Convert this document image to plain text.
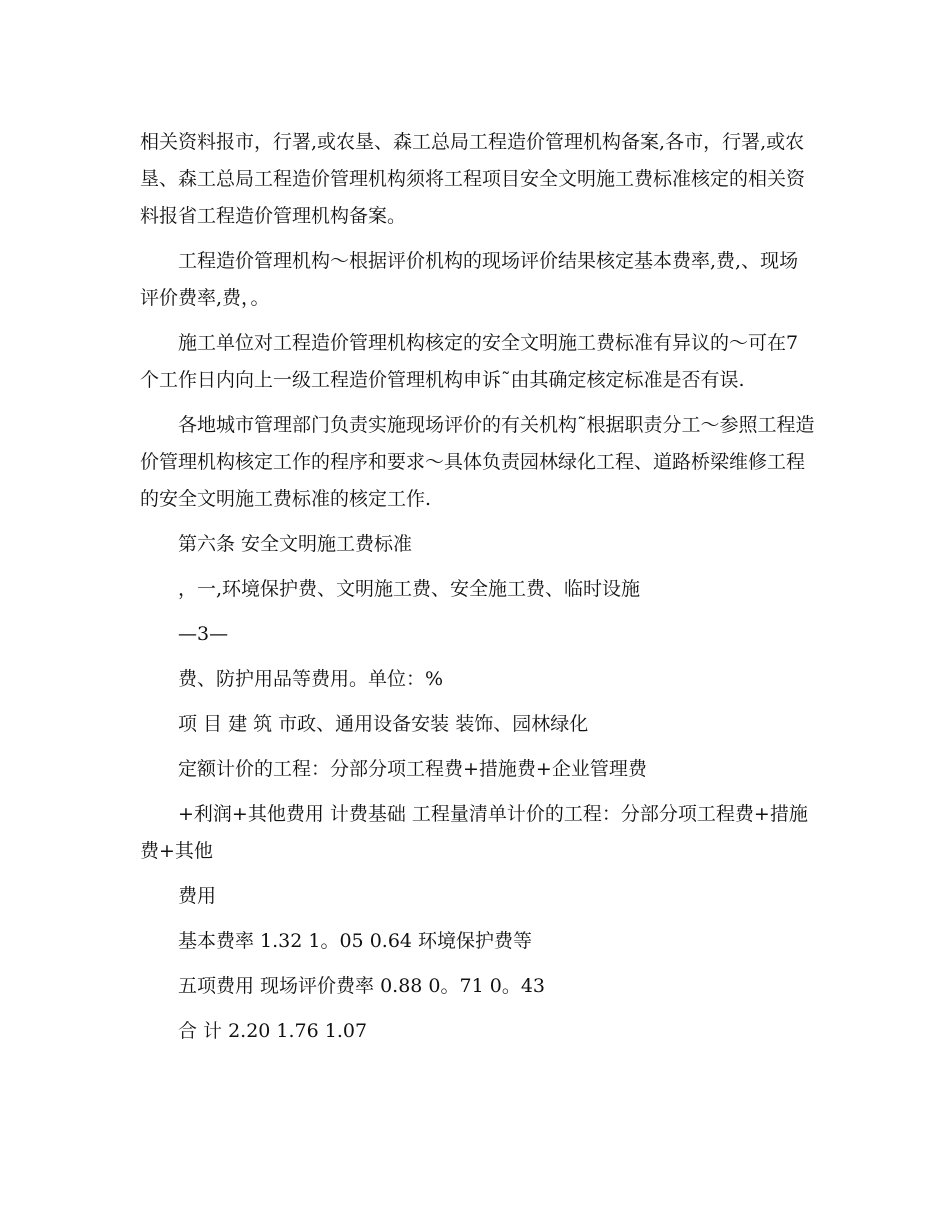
相关资料报市，行署,或农垦、森工总局工程造价管理机构备案,各市，行署,或农垦、森工总局工程造价管理机构须将工程项目安全文明施工费标准核定的相关资料报省工程造价管理机构备案。

工程造价管理机构～根据评价机构的现场评价结果核定基本费率,费,、现场评价费率,费，。

施工单位对工程造价管理机构核定的安全文明施工费标准有异议的～可在7个工作日内向上一级工程造价管理机构申诉˜由其确定核定标准是否有误.

各地城市管理部门负责实施现场评价的有关机构˜根据职责分工～参照工程造价管理机构核定工作的程序和要求～具体负责园林绿化工程、道路桥梁维修工程的安全文明施工费标准的核定工作.

第六条 安全文明施工费标准

，一,环境保护费、文明施工费、安全施工费、临时设施

—3—

费、防护用品等费用。单位：%

项 目 建 筑 市政、通用设备安装 装饰、园林绿化

定额计价的工程：分部分项工程费+措施费+企业管理费

+利润+其他费用 计费基础 工程量清单计价的工程：分部分项工程费+措施费+其他

费用

基本费率 1.32 1。05 0.64 环境保护费等

五项费用 现场评价费率 0.88 0。71 0。43

合 计 2.20 1.76 1.07
